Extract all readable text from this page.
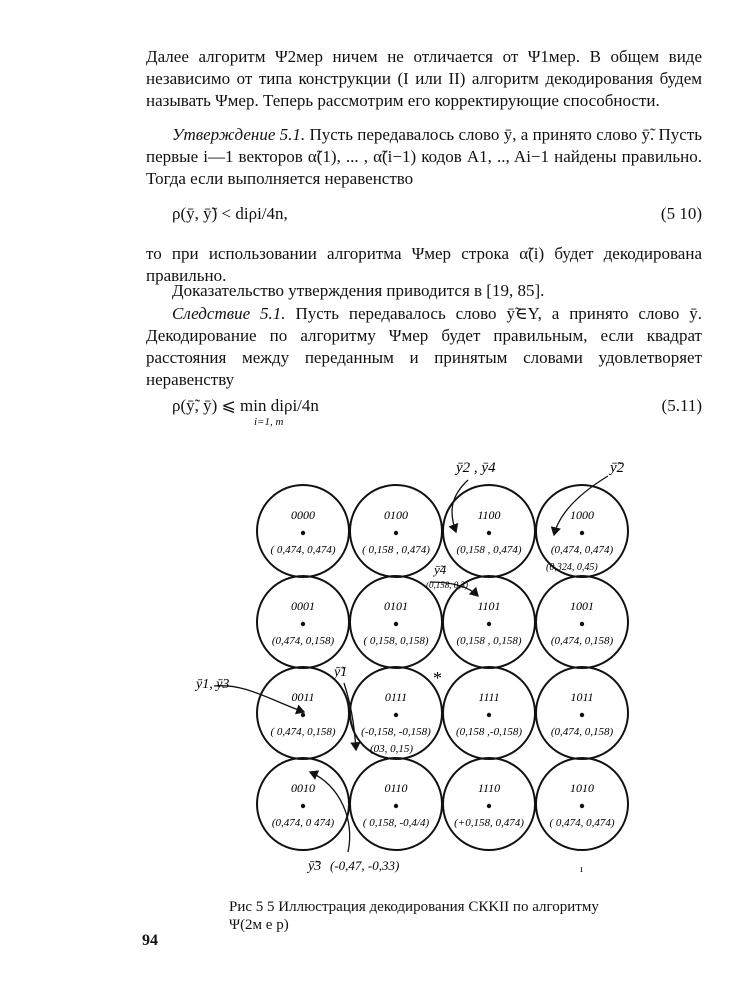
Далее алгоритм Ψ2мер ничем не отличается от Ψ1мер. В общем виде независимо от типа конструкции (I или II) алгоритм декодирования будем называть Ψмер. Теперь рассмотрим его корректирующие способности.

Утверждение 5.1. Пусть передавалось слово ȳ, а принято слово ȳ̃. Пусть первые i—1 векторов α̃(1), ... , α̃(i−1) кодов A1, .., Ai−1 найдены правильно. Тогда если выполняется неравенство

ρ(ȳ, ȳ̃) < diρi/4n,	(5 10)

то при использовании алгоритма Ψмер строка α̃(i) будет декодирована правильно.

Доказательство утверждения приводится в [19, 85].

Следствие 5.1. Пусть передавалось слово ȳ̃∈Y, а принято слово ȳ. Декодирование по алгоритму Ψмер будет правильным, если квадрат расстояния между переданным и принятым словами удовлетворяет неравенству

ρ(ȳ̃, ȳ) ⩽ min diρi/4n
i=1, m
(5.11)
0000
( 0,474, 0,474)
0100
( 0,158 , 0,474)
1100
(0,158 , 0,474)
1000
(0,474, 0,474)
0001
(0,474, 0,158)
0101
( 0,158, 0,158)
1101
(0,158 , 0,158)
1001
(0,474, 0,158)
0011
( 0,474, 0,158)
0111
(-0,158, -0,158)
1111
(0,158 ,-0,158)
1011
(0,474, 0,158)
0010
(0,474, 0 474)
0110
( 0,158, -0,4/4)
1110
(+0,158, 0,474)
1010
( 0,474, 0,474)
ȳ2 , ȳ4	ȳ̃2
ȳ̃4
(0,158, 0,3)
ȳ̃1
ȳ1, ȳ3
ȳ̃3 (-0,47, -0,33)
(0,324, 0,45)
(03, 0,15)
*
ı
Рис 5 5 Иллюстрация декодирования СКKII по алгоритму Ψ(2м е р)
94
